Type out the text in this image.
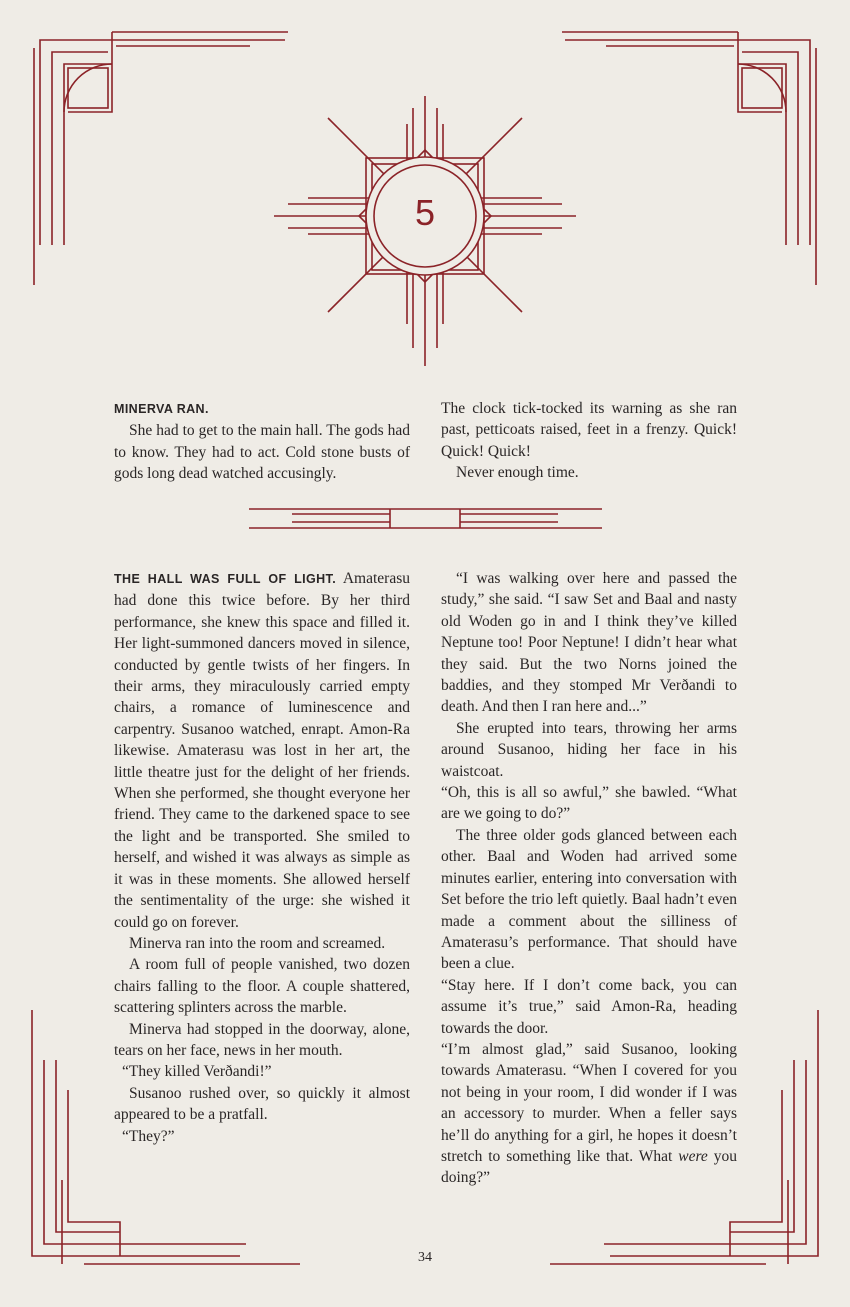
5

MINERVA RAN.

She had to get to the main hall. The gods had to know. They had to act. Cold stone busts of gods long dead watched accusingly.

The clock tick-tocked its warning as she ran past, petticoats raised, feet in a frenzy. Quick! Quick! Quick!

Never enough time.

THE HALL WAS FULL OF LIGHT. Amaterasu had done this twice before. By her third performance, she knew this space and filled it. Her light-summoned dancers moved in silence, conducted by gentle twists of her fingers. In their arms, they miraculously carried empty chairs, a romance of luminescence and carpentry. Susanoo watched, enrapt. Amon-Ra likewise. Amaterasu was lost in her art, the little theatre just for the delight of her friends. When she performed, she thought everyone her friend. They came to the darkened space to see the light and be transported. She smiled to herself, and wished it was always as simple as it was in these moments. She allowed herself the sentimentality of the urge: she wished it could go on forever.

Minerva ran into the room and screamed.

A room full of people vanished, two dozen chairs falling to the floor. A couple shattered, scattering splinters across the marble.

Minerva had stopped in the doorway, alone, tears on her face, news in her mouth.

“They killed Verðandi!”

Susanoo rushed over, so quickly it almost appeared to be a pratfall.

“They?”

“I was walking over here and passed the study,” she said. “I saw Set and Baal and nasty old Woden go in and I think they’ve killed Neptune too! Poor Neptune! I didn’t hear what they said. But the two Norns joined the baddies, and they stomped Mr Verðandi to death. And then I ran here and...”

She erupted into tears, throwing her arms around Susanoo, hiding her face in his waistcoat.

“Oh, this is all so awful,” she bawled. “What are we going to do?”

The three older gods glanced between each other. Baal and Woden had arrived some minutes earlier, entering into conversation with Set before the trio left quietly. Baal hadn’t even made a comment about the silliness of Amaterasu’s performance. That should have been a clue.

“Stay here. If I don’t come back, you can assume it’s true,” said Amon-Ra, heading towards the door.

“I’m almost glad,” said Susanoo, looking towards Amaterasu. “When I covered for you not being in your room, I did wonder if I was an accessory to murder. When a feller says he’ll do anything for a girl, he hopes it doesn’t stretch to something like that. What were you doing?”

34
